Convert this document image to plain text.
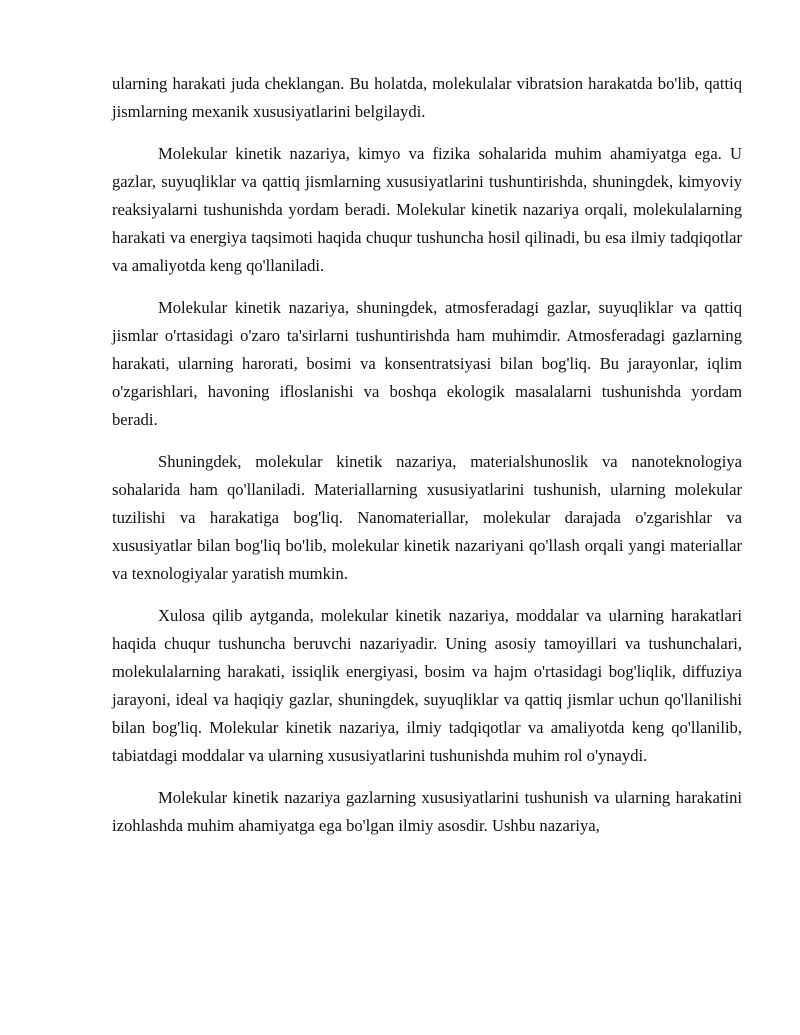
ularning harakati juda cheklangan. Bu holatda, molekulalar vibratsion harakatda bo'lib, qattiq jismlarning mexanik xususiyatlarini belgilaydi.

Molekular kinetik nazariya, kimyo va fizika sohalarida muhim ahamiyatga ega. U gazlar, suyuqliklar va qattiq jismlarning xususiyatlarini tushuntirishda, shuningdek, kimyoviy reaksiyalarni tushunishda yordam beradi. Molekular kinetik nazariya orqali, molekulalarning harakati va energiya taqsimoti haqida chuqur tushuncha hosil qilinadi, bu esa ilmiy tadqiqotlar va amaliyotda keng qo'llaniladi.

Molekular kinetik nazariya, shuningdek, atmosferadagi gazlar, suyuqliklar va qattiq jismlar o'rtasidagi o'zaro ta'sirlarni tushuntirishda ham muhimdir. Atmosferadagi gazlarning harakati, ularning harorati, bosimi va konsentratsiyasi bilan bog'liq. Bu jarayonlar, iqlim o'zgarishlari, havoning ifloslanishi va boshqa ekologik masalalarni tushunishda yordam beradi.

Shuningdek, molekular kinetik nazariya, materialshunoslik va nanoteknologiya sohalarida ham qo'llaniladi. Materiallarning xususiyatlarini tushunish, ularning molekular tuzilishi va harakatiga bog'liq. Nanomateriallar, molekular darajada o'zgarishlar va xususiyatlar bilan bog'liq bo'lib, molekular kinetik nazariyani qo'llash orqali yangi materiallar va texnologiyalar yaratish mumkin.

Xulosa qilib aytganda, molekular kinetik nazariya, moddalar va ularning harakatlari haqida chuqur tushuncha beruvchi nazariyadir. Uning asosiy tamoyillari va tushunchalari, molekulalarning harakati, issiqlik energiyasi, bosim va hajm o'rtasidagi bog'liqlik, diffuziya jarayoni, ideal va haqiqiy gazlar, shuningdek, suyuqliklar va qattiq jismlar uchun qo'llanilishi bilan bog'liq. Molekular kinetik nazariya, ilmiy tadqiqotlar va amaliyotda keng qo'llanilib, tabiatdagi moddalar va ularning xususiyatlarini tushunishda muhim rol o'ynaydi.

Molekular kinetik nazariya gazlarning xususiyatlarini tushunish va ularning harakatini izohlashda muhim ahamiyatga ega bo'lgan ilmiy asosdir. Ushbu nazariya,
